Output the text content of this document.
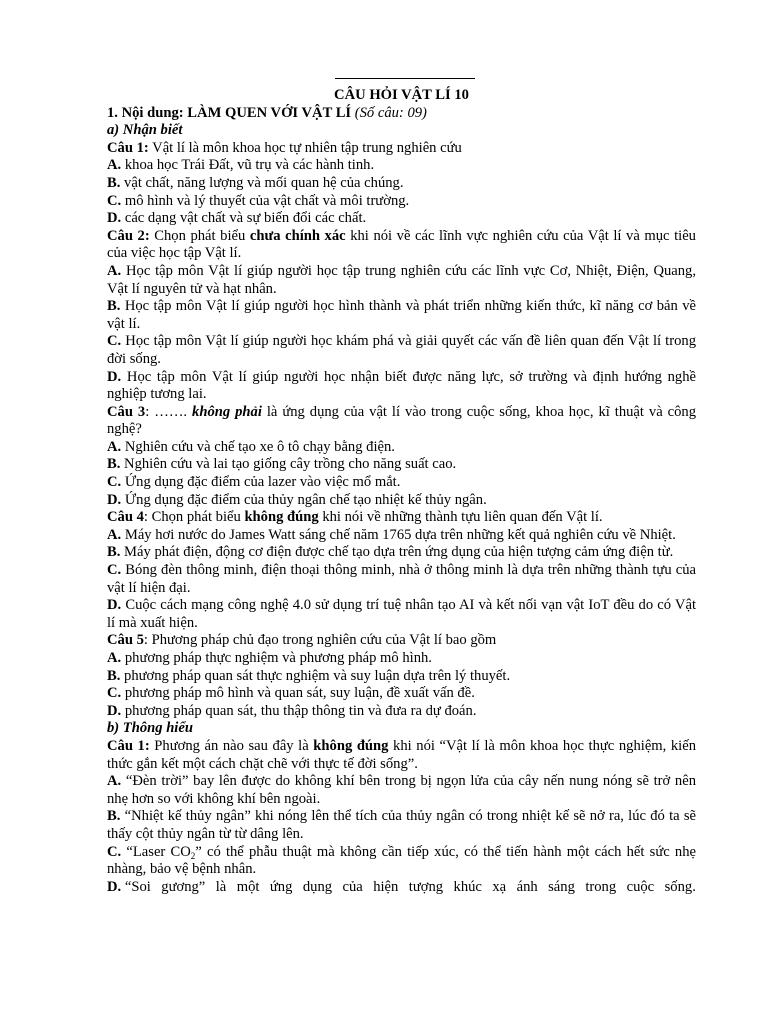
CÂU HỎI VẬT LÍ 10

1. Nội dung: LÀM QUEN VỚI VẬT LÍ (Số câu: 09)

a) Nhận biết

Câu 1: Vật lí là môn khoa học tự nhiên tập trung nghiên cứu

A. khoa học Trái Đất, vũ trụ và các hành tinh.

B. vật chất, năng lượng và mối quan hệ của chúng.

C. mô hình và lý thuyết của vật chất và môi trường.

D. các dạng vật chất và sự biến đổi các chất.

Câu 2: Chọn phát biểu chưa chính xác khi nói về các lĩnh vực nghiên cứu của Vật lí và mục tiêu của việc học tập Vật lí.

A. Học tập môn Vật lí giúp người học tập trung nghiên cứu các lĩnh vực Cơ, Nhiệt, Điện, Quang, Vật lí nguyên tử và hạt nhân.

B. Học tập môn Vật lí giúp người học hình thành và phát triển những kiến thức, kĩ năng cơ bản về vật lí.

C. Học tập môn Vật lí giúp người học khám phá và giải quyết các vấn đề liên quan đến Vật lí trong đời sống.

D. Học tập môn Vật lí giúp người học nhận biết được năng lực, sở trường và định hướng nghề nghiệp tương lai.

Câu 3: ……. không phải là ứng dụng của vật lí vào trong cuộc sống, khoa học, kĩ thuật và công nghệ?

A. Nghiên cứu và chế tạo xe ô tô chạy bằng điện.

B. Nghiên cứu và lai tạo giống cây trồng cho năng suất cao.

C. Ứng dụng đặc điểm của lazer vào việc mổ mắt.

D. Ứng dụng đặc điểm của thủy ngân chế tạo nhiệt kế thủy ngân.

Câu 4: Chọn phát biểu không đúng khi nói về những thành tựu liên quan đến Vật lí.

A. Máy hơi nước do James Watt sáng chế năm 1765 dựa trên những kết quả nghiên cứu về Nhiệt.

B. Máy phát điện, động cơ điện được chế tạo dựa trên ứng dụng của hiện tượng cảm ứng điện từ.

C. Bóng đèn thông minh, điện thoại thông minh, nhà ở thông minh là dựa trên những thành tựu của vật lí hiện đại.

D. Cuộc cách mạng công nghệ 4.0 sử dụng trí tuệ nhân tạo AI và kết nối vạn vật IoT đều do có Vật lí mà xuất hiện.

Câu 5: Phương pháp chủ đạo trong nghiên cứu của Vật lí bao gồm

A. phương pháp thực nghiệm và phương pháp mô hình.

B. phương pháp quan sát thực nghiệm và suy luận dựa trên lý thuyết.

C. phương pháp mô hình và quan sát, suy luận, đề xuất vấn đề.

D. phương pháp quan sát, thu thập thông tin và đưa ra dự đoán.

b) Thông hiểu

Câu 1: Phương án nào sau đây là không đúng khi nói “Vật lí là môn khoa học thực nghiệm, kiến thức gắn kết một cách chặt chẽ với thực tế đời sống”.

A. “Đèn trời” bay lên được do không khí bên trong bị ngọn lửa của cây nến nung nóng sẽ trở nên nhẹ hơn so với không khí bên ngoài.

B. “Nhiệt kế thủy ngân” khi nóng lên thể tích của thủy ngân có trong nhiệt kế sẽ nở ra, lúc đó ta sẽ thấy cột thủy ngân từ từ dâng lên.

C. “Laser $CO_2$” có thể phẫu thuật mà không cần tiếp xúc, có thể tiến hành một cách hết sức nhẹ nhàng, bảo vệ bệnh nhân.

D. “Soi gương” là một ứng dụng của hiện tượng khúc xạ ánh sáng trong cuộc sống.
